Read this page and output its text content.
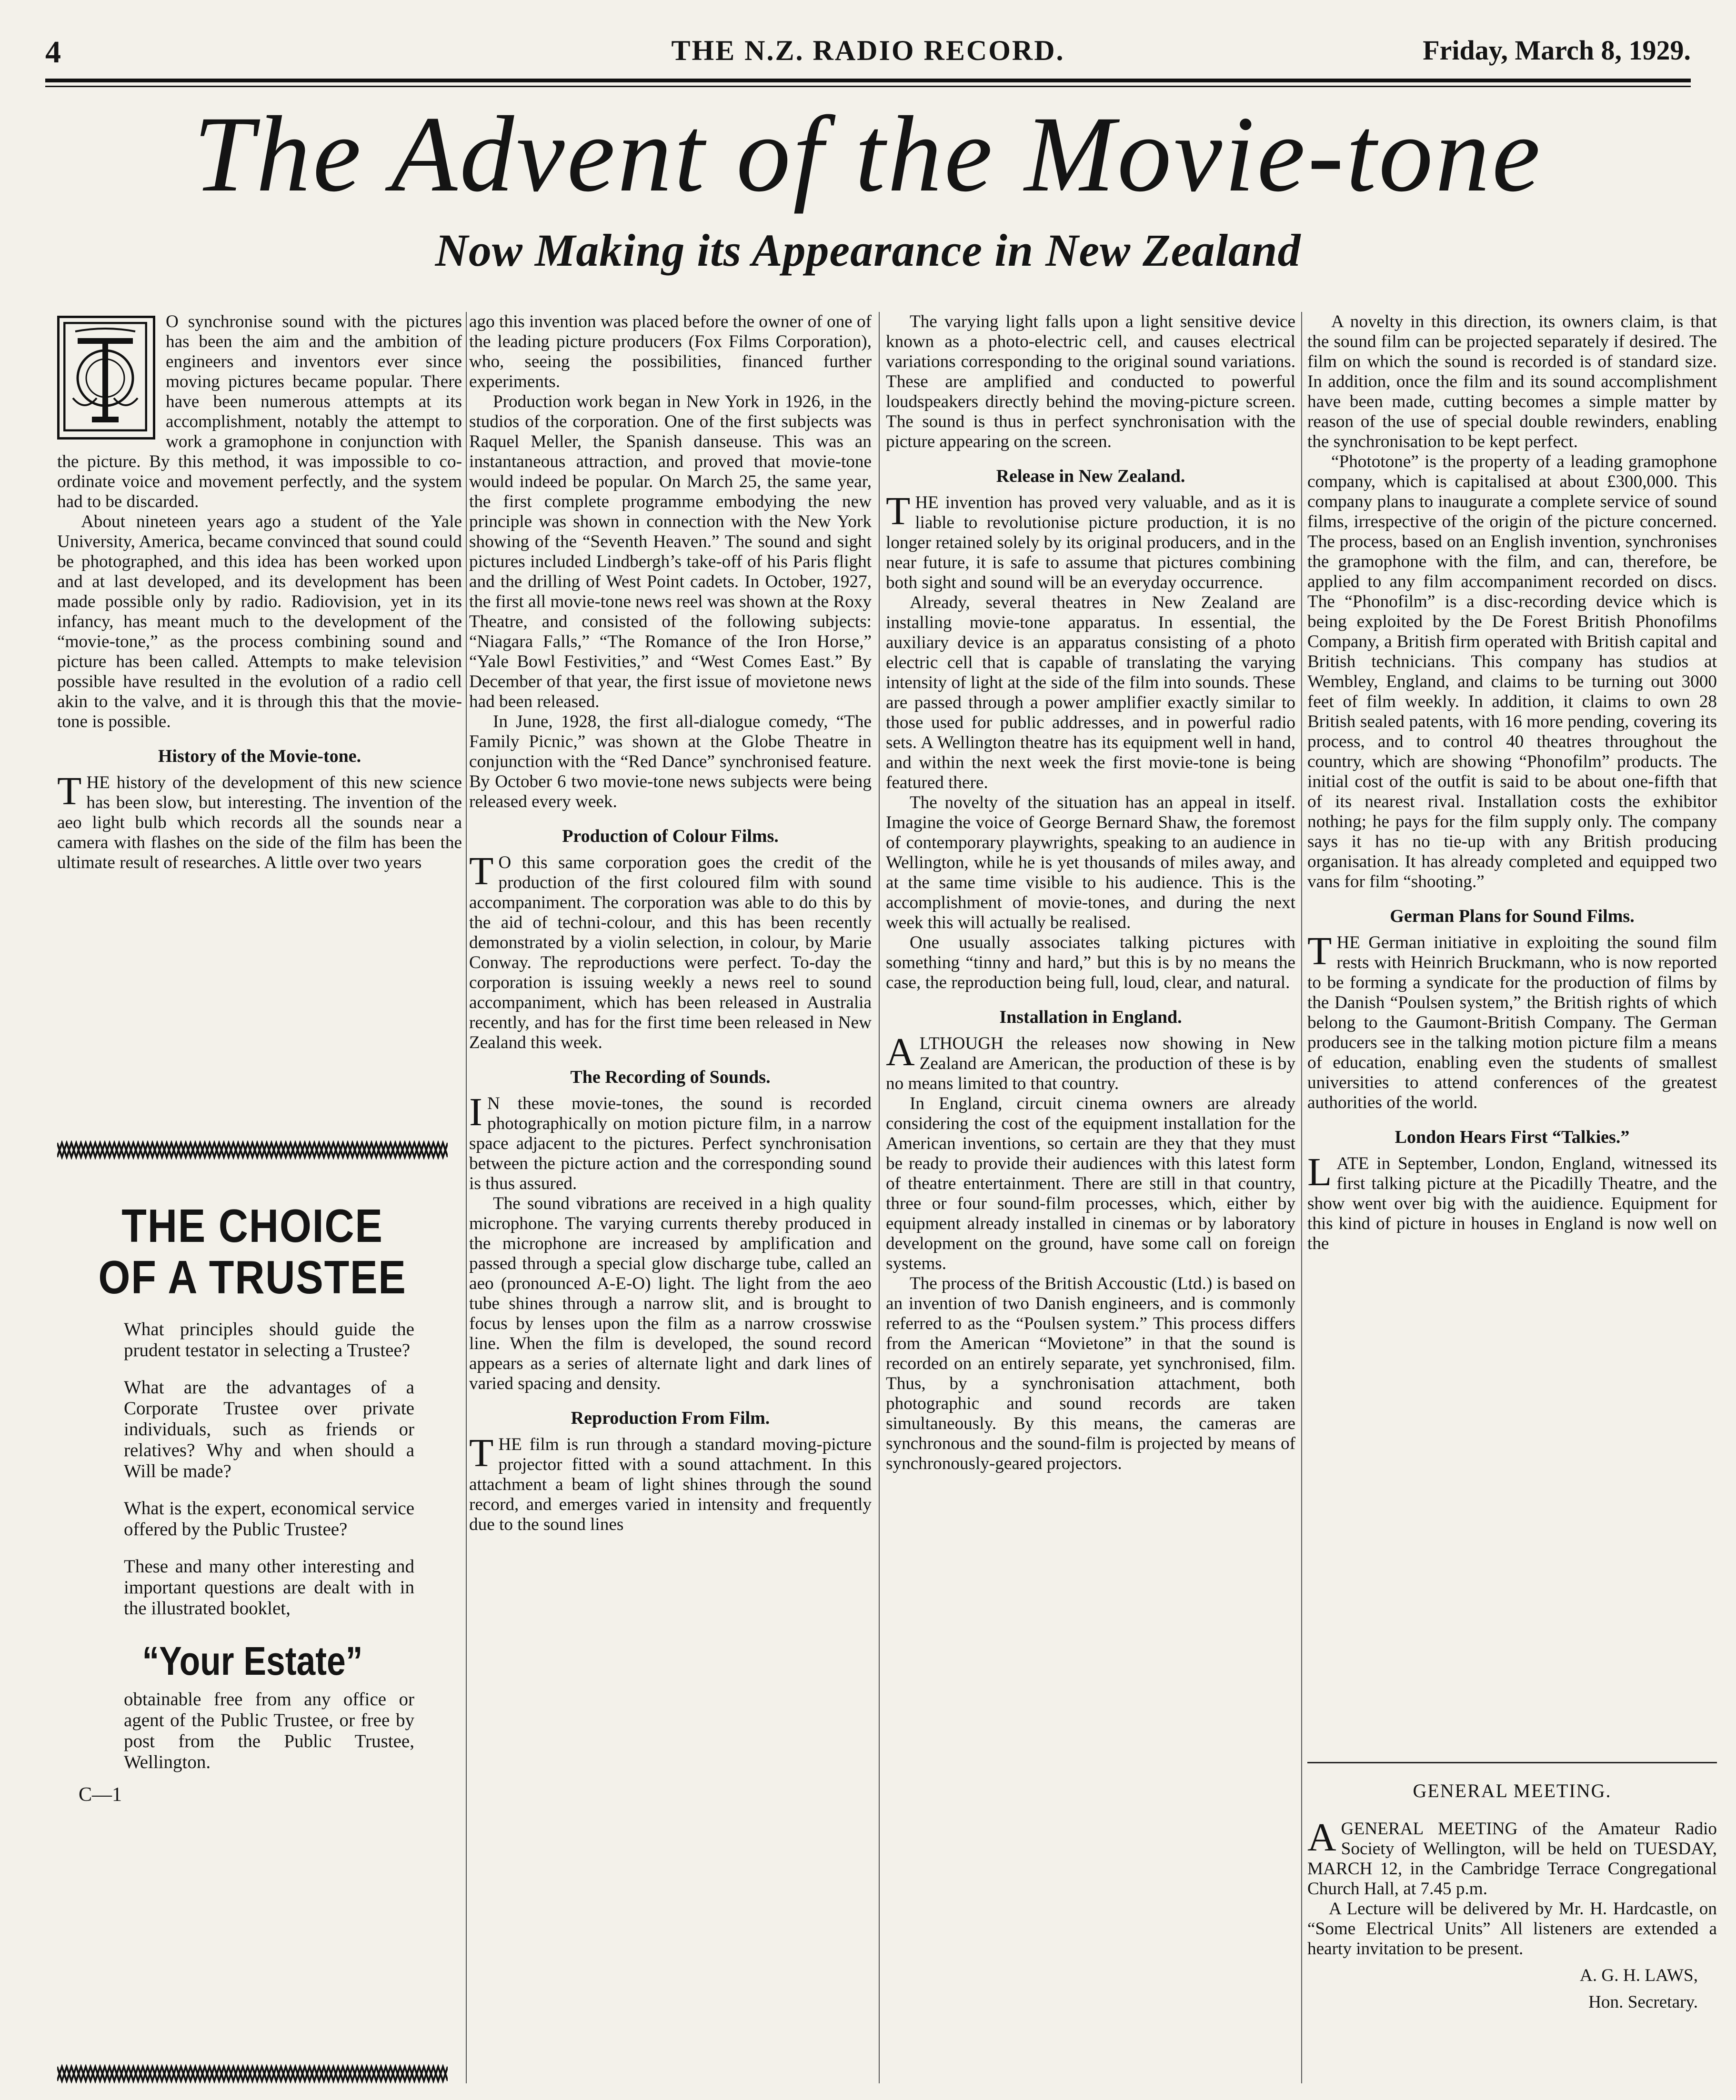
4	THE N.Z. RADIO RECORD.	Friday, March 8, 1929.
The Advent of the Movie-tone
Now Making its Appearance in New Zealand

O synchronise sound with the pictures has been the aim and the ambition of engineers and inventors ever since moving pictures became popular. There have been numerous attempts at its accomplishment, notably the attempt to work a gramophone in conjunction with the picture. By this method, it was impossible to co-ordinate voice and movement perfectly, and the system had to be discarded.

About nineteen years ago a student of the Yale University, America, became convinced that sound could be photographed, and this idea has been worked upon and at last developed, and its development has been made possible only by radio. Radiovision, yet in its infancy, has meant much to the development of the “movie-tone,” as the process combining sound and picture has been called. Attempts to make television possible have resulted in the evolution of a radio cell akin to the valve, and it is through this that the movie-tone is possible.

History of the Movie-tone.

THE history of the development of this new science has been slow, but interesting. The invention of the aeo light bulb which records all the sounds near a camera with flashes on the side of the film has been the ultimate result of researches. A little over two years

THE CHOICE
OF A TRUSTEE

What principles should guide the prudent testator in selecting a Trustee?

What are the advantages of a Corporate Trustee over private individuals, such as friends or relatives? Why and when should a Will be made?

What is the expert, economical service offered by the Public Trustee?

These and many other interesting and important questions are dealt with in the illustrated booklet,

“Your Estate”

obtainable free from any office or agent of the Public Trustee, or free by post from the Public Trustee, Wellington.

C—1

ago this invention was placed before the owner of one of the leading picture producers (Fox Films Corporation), who, seeing the possibilities, financed further experiments.

Production work began in New York in 1926, in the studios of the corporation. One of the first subjects was Raquel Meller, the Spanish danseuse. This was an instantaneous attraction, and proved that movie-tone would indeed be popular. On March 25, the same year, the first complete programme embodying the new principle was shown in connection with the New York showing of the “Seventh Heaven.” The sound and sight pictures included Lindbergh’s take-off of his Paris flight and the drilling of West Point cadets. In October, 1927, the first all movie-tone news reel was shown at the Roxy Theatre, and consisted of the following subjects: “Niagara Falls,” “The Romance of the Iron Horse,” “Yale Bowl Festivities,” and “West Comes East.” By December of that year, the first issue of movietone news had been released.

In June, 1928, the first all-dialogue comedy, “The Family Picnic,” was shown at the Globe Theatre in conjunction with the “Red Dance” synchronised feature. By October 6 two movie-tone news subjects were being released every week.

Production of Colour Films.

T O this same corporation goes the credit of the production of the first coloured film with sound accompaniment. The corporation was able to do this by the aid of techni-colour, and this has been recently demonstrated by a violin selection, in colour, by Marie Conway. The reproductions were perfect. To-day the corporation is issuing weekly a news reel to sound accompaniment, which has been released in Australia recently, and has for the first time been released in New Zealand this week.

The Recording of Sounds.

I N these movie-tones, the sound is recorded photographically on motion picture film, in a narrow space adjacent to the pictures. Perfect synchronisation between the picture action and the corresponding sound is thus assured.

The sound vibrations are received in a high quality microphone. The varying currents thereby produced in the microphone are increased by amplification and passed through a special glow discharge tube, called an aeo (pronounced A-E-O) light. The light from the aeo tube shines through a narrow slit, and is brought to focus by lenses upon the film as a narrow crosswise line. When the film is developed, the sound record appears as a series of alternate light and dark lines of varied spacing and density.

Reproduction From Film.

THE film is run through a standard moving-picture projector fitted with a sound attachment. In this attachment a beam of light shines through the sound record, and emerges varied in intensity and frequently due to the sound lines

The varying light falls upon a light sensitive device known as a photo-electric cell, and causes electrical variations corresponding to the original sound variations. These are amplified and conducted to powerful loudspeakers directly behind the moving-picture screen. The sound is thus in perfect synchronisation with the picture appearing on the screen.

Release in New Zealand.

THE invention has proved very valuable, and as it is liable to revolutionise picture production, it is no longer retained solely by its original producers, and in the near future, it is safe to assume that pictures combining both sight and sound will be an everyday occurrence.

Already, several theatres in New Zealand are installing movie-tone apparatus. In essential, the auxiliary device is an apparatus consisting of a photo electric cell that is capable of translating the varying intensity of light at the side of the film into sounds. These are passed through a power amplifier exactly similar to those used for public addresses, and in powerful radio sets. A Wellington theatre has its equipment well in hand, and within the next week the first movie-tone is being featured there.

The novelty of the situation has an appeal in itself. Imagine the voice of George Bernard Shaw, the foremost of contemporary playwrights, speaking to an audience in Wellington, while he is yet thousands of miles away, and at the same time visible to his audience. This is the accomplishment of movie-tones, and during the next week this will actually be realised.

One usually associates talking pictures with something “tinny and hard,” but this is by no means the case, the reproduction being full, loud, clear, and natural.

Installation in England.

ALTHOUGH the releases now showing in New Zealand are American, the production of these is by no means limited to that country.

In England, circuit cinema owners are already considering the cost of the equipment installation for the American inventions, so certain are they that they must be ready to provide their audiences with this latest form of theatre entertainment. There are still in that country, three or four sound-film processes, which, either by equipment already installed in cinemas or by laboratory development on the ground, have some call on foreign systems.

The process of the British Accoustic (Ltd.) is based on an invention of two Danish engineers, and is commonly referred to as the “Poulsen system.” This process differs from the American “Movietone” in that the sound is recorded on an entirely separate, yet synchronised, film. Thus, by a synchronisation attachment, both photographic and sound records are taken simultaneously. By this means, the cameras are synchronous and the sound-film is projected by means of synchronously-geared projectors.

A novelty in this direction, its owners claim, is that the sound film can be projected separately if desired. The film on which the sound is recorded is of standard size. In addition, once the film and its sound accomplishment have been made, cutting becomes a simple matter by reason of the use of special double rewinders, enabling the synchronisation to be kept perfect.

“Phototone” is the property of a leading gramophone company, which is capitalised at about £300,000. This company plans to inaugurate a complete service of sound films, irrespective of the origin of the picture concerned. The process, based on an English invention, synchronises the gramophone with the film, and can, therefore, be applied to any film accompaniment recorded on discs. The “Phonofilm” is a disc-recording device which is being exploited by the De Forest British Phonofilms Company, a British firm operated with British capital and British technicians. This company has studios at Wembley, England, and claims to be turning out 3000 feet of film weekly. In addition, it claims to own 28 British sealed patents, with 16 more pending, covering its process, and to control 40 theatres throughout the country, which are showing “Phonofilm” products. The initial cost of the outfit is said to be about one-fifth that of its nearest rival. Installation costs the exhibitor nothing; he pays for the film supply only. The company says it has no tie-up with any British producing organisation. It has already completed and equipped two vans for film “shooting.”

German Plans for Sound Films.

THE German initiative in exploiting the sound film rests with Heinrich Bruckmann, who is now reported to be forming a syndicate for the production of films by the Danish “Poulsen system,” the British rights of which belong to the Gaumont-British Company. The German producers see in the talking motion picture film a means of education, enabling even the students of smallest universities to attend conferences of the greatest authorities of the world.

London Hears First “Talkies.”

LATE in September, London, England, witnessed its first talking picture at the Picadilly Theatre, and the show went over big with the auidience. Equipment for this kind of picture in houses in England is now well on the

GENERAL MEETING.

A GENERAL MEETING of the Amateur Radio Society of Wellington, will be held on TUESDAY, MARCH 12, in the Cambridge Terrace Congregational Church Hall, at 7.45 p.m.

A Lecture will be delivered by Mr. H. Hardcastle, on “Some Electrical Units” All listeners are extended a hearty invitation to be present.

A. G. H. LAWS,
Hon. Secretary.
